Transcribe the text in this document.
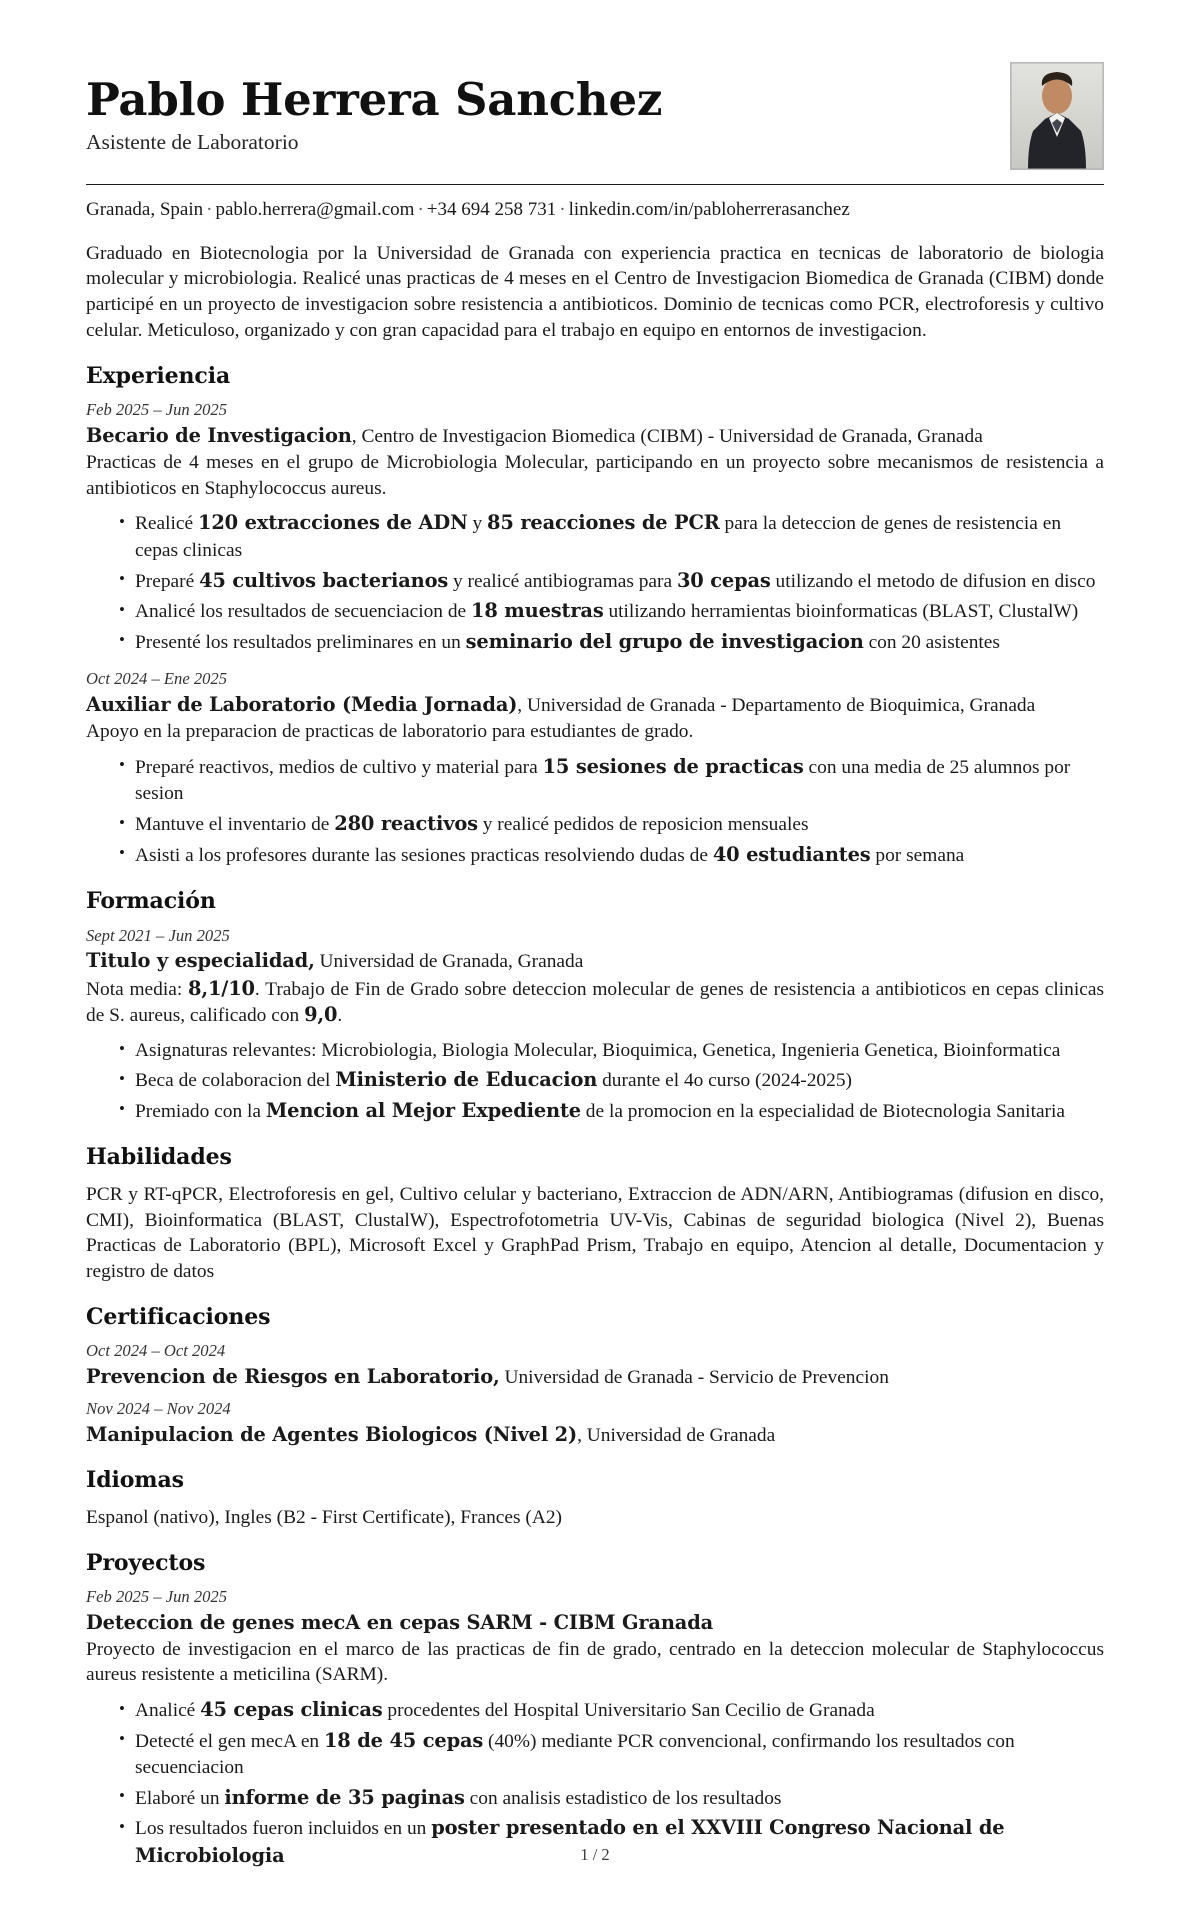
Pablo Herrera Sanchez
Asistente de Laboratorio
Granada, Spain · pablo.herrera@gmail.com · +34 694 258 731 · linkedin.com/in/pabloherrerasanchez

Graduado en Biotecnologia por la Universidad de Granada con experiencia practica en tecnicas de laboratorio de biologia molecular y microbiologia. Realicé unas practicas de 4 meses en el Centro de Investigacion Biomedica de Granada (CIBM) donde participé en un proyecto de investigacion sobre resistencia a antibioticos. Dominio de tecnicas como PCR, electroforesis y cultivo celular. Meticuloso, organizado y con gran capacidad para el trabajo en equipo en entornos de investigacion.

Experiencia
Feb 2025 – Jun 2025
Becario de Investigacion, Centro de Investigacion Biomedica (CIBM) - Universidad de Granada, Granada
Practicas de 4 meses en el grupo de Microbiologia Molecular, participando en un proyecto sobre mecanismos de resistencia a antibioticos en Staphylococcus aureus.
• Realicé 120 extracciones de ADN y 85 reacciones de PCR para la deteccion de genes de resistencia en cepas clinicas
• Preparé 45 cultivos bacterianos y realicé antibiogramas para 30 cepas utilizando el metodo de difusion en disco
• Analicé los resultados de secuenciacion de 18 muestras utilizando herramientas bioinformaticas (BLAST, ClustalW)
• Presenté los resultados preliminares en un seminario del grupo de investigacion con 20 asistentes
Oct 2024 – Ene 2025
Auxiliar de Laboratorio (Media Jornada), Universidad de Granada - Departamento de Bioquimica, Granada
Apoyo en la preparacion de practicas de laboratorio para estudiantes de grado.
• Preparé reactivos, medios de cultivo y material para 15 sesiones de practicas con una media de 25 alumnos por sesion
• Mantuve el inventario de 280 reactivos y realicé pedidos de reposicion mensuales
• Asisti a los profesores durante las sesiones practicas resolviendo dudas de 40 estudiantes por semana
Formación
Sept 2021 – Jun 2025
Titulo y especialidad, Universidad de Granada, Granada
Nota media: 8,1/10. Trabajo de Fin de Grado sobre deteccion molecular de genes de resistencia a antibioticos en cepas clinicas de S. aureus, calificado con 9,0.
• Asignaturas relevantes: Microbiologia, Biologia Molecular, Bioquimica, Genetica, Ingenieria Genetica, Bioinformatica
• Beca de colaboracion del Ministerio de Educacion durante el 4o curso (2024-2025)
• Premiado con la Mencion al Mejor Expediente de la promocion en la especialidad de Biotecnologia Sanitaria
Habilidades

PCR y RT-qPCR, Electroforesis en gel, Cultivo celular y bacteriano, Extraccion de ADN/ARN, Antibiogramas (difusion en disco, CMI), Bioinformatica (BLAST, ClustalW), Espectrofotometria UV-Vis, Cabinas de seguridad biologica (Nivel 2), Buenas Practicas de Laboratorio (BPL), Microsoft Excel y GraphPad Prism, Trabajo en equipo, Atencion al detalle, Documentacion y registro de datos

Certificaciones
Oct 2024 – Oct 2024
Prevencion de Riesgos en Laboratorio, Universidad de Granada - Servicio de Prevencion
Nov 2024 – Nov 2024
Manipulacion de Agentes Biologicos (Nivel 2), Universidad de Granada
Idiomas

Espanol (nativo), Ingles (B2 - First Certificate), Frances (A2)

Proyectos
Feb 2025 – Jun 2025
Deteccion de genes mecA en cepas SARM - CIBM Granada
Proyecto de investigacion en el marco de las practicas de fin de grado, centrado en la deteccion molecular de Staphylococcus aureus resistente a meticilina (SARM).
• Analicé 45 cepas clinicas procedentes del Hospital Universitario San Cecilio de Granada
• Detecté el gen mecA en 18 de 45 cepas (40%) mediante PCR convencional, confirmando los resultados con secuenciacion
• Elaboré un informe de 35 paginas con analisis estadistico de los resultados
• Los resultados fueron incluidos en un poster presentado en el XXVIII Congreso Nacional de Microbiologia	1 / 2
